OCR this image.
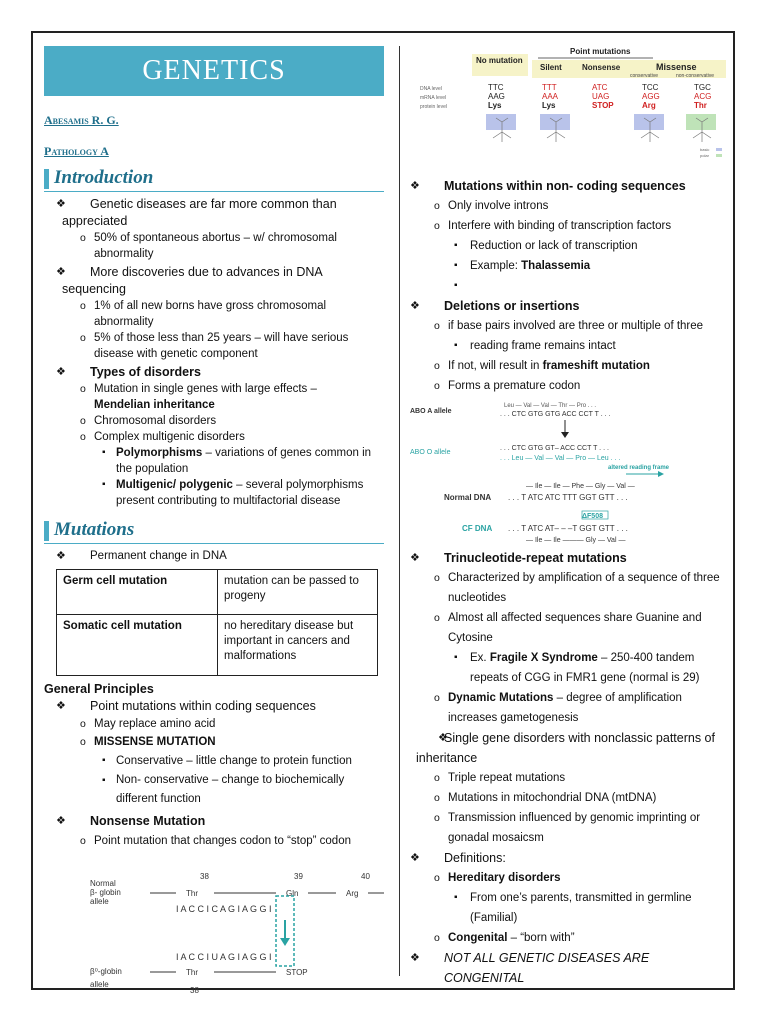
GENETICS
Abesamis R. G.
Pathology A
Introduction
❖ Genetic diseases are far more common than appreciated
o 50% of spontaneous abortus – w/ chromosomal abnormality
❖ More discoveries due to advances in DNA sequencing
o 1% of all new borns have gross chromosomal abnormality
o 5% of those less than 25 years – will have serious disease with genetic component
❖ Types of disorders
o Mutation in single genes with large effects –
Mendelian inheritance
o Chromosomal disorders
o Complex multigenic disorders
▪ Polymorphisms – variations of genes common in the population
▪ Multigenic/ polygenic – several polymorphisms present contributing to multifactorial disease
Mutations
❖ Permanent change in DNA
Germ cell mutation	mutation can be passed to progeny
Somatic cell mutation	no hereditary disease but important in cancers and malformations
General Principles
❖ Point mutations within coding sequences
o May replace amino acid
o MISSENSE MUTATION
▪ Conservative – little change to protein function
▪ Non- conservative – change to biochemically different function
❖ Nonsense Mutation
o Point mutation that changes codon to “stop” codon
38	39	40
Normal
β- globin
allele
Thr	Gln	Arg
I A C C I C A G I A G G I
I A C C I U A G I A G G I
β⁰-globin	Thr	STOP
allele
38
Point mutations
No mutation
Silent	Nonsense	Missense
conservative	non-conservative
DNA level
mRNA level
protein level
TTC	TTT	ATC	TCC	TGC
AAG	AAA	UAG	AGG	ACG
Lys	Lys	STOP	Arg	Thr
basic
polar
❖ Mutations within non- coding sequences
o Only involve introns
o Interfere with binding of transcription factors
▪ Reduction or lack of transcription
▪ Example: Thalassemia
▪
❖ Deletions or insertions
o if base pairs involved are three or multiple of three
▪ reading frame remains intact
o If not, will result in frameshift mutation
o Forms a premature codon
ABO A allele
Leu — Val — Val — Thr — Pro . . .
. . . CTC GTG GTG ACC CCT T . . .
ABO O allele
. . . CTC GTG GT– ACC CCT T . . .
. . . Leu — Val — Val — Pro — Leu . . .
altered reading frame
— Ile — Ile — Phe — Gly — Val —
Normal DNA . . . T ATC ATC TTT GGT GTT . . .
ΔF508
CF DNA . . . T ATC AT– – –T GGT GTT . . .
— Ile — Ile ——— Gly — Val —
❖ Trinucleotide-repeat mutations
o Characterized by amplification of a sequence of three nucleotides
o Almost all affected sequences share Guanine and Cytosine
▪ Ex. Fragile X Syndrome – 250-400 tandem repeats of CGG in FMR1 gene (normal is 29)
o Dynamic Mutations – degree of amplification increases gametogenesis
❖ Single gene disorders with nonclassic patterns of inheritance
o Triple repeat mutations
o Mutations in mitochondrial DNA (mtDNA)
o Transmission influenced by genomic imprinting or gonadal mosaicsm
❖ Definitions:
o Hereditary disorders
▪ From one’s parents, transmitted in germline (Familial)
o Congenital – “born with”
❖ NOT ALL GENETIC DISEASES ARE CONGENITAL
